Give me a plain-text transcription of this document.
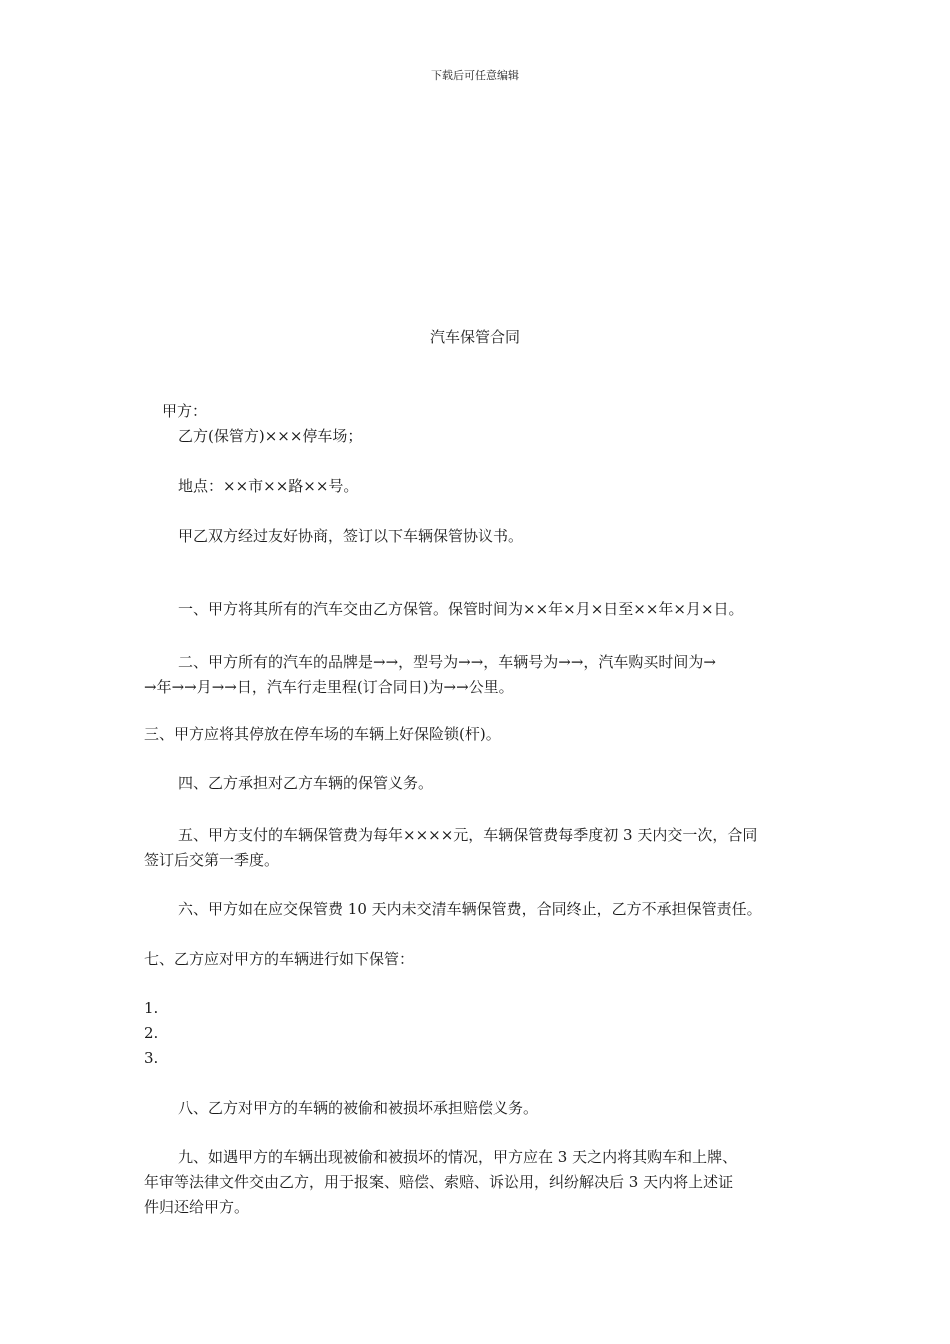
下载后可任意编辑
汽车保管合同
甲方：
乙方(保管方)×××停车场；
地点：××市××路××号。
甲乙双方经过友好协商，签订以下车辆保管协议书。
一、甲方将其所有的汽车交由乙方保管。保管时间为××年×月×日至××年×月×日。
二、甲方所有的汽车的品牌是→→，型号为→→，车辆号为→→，汽车购买时间为→
→年→→月→→日，汽车行走里程(订合同日)为→→公里。
三、甲方应将其停放在停车场的车辆上好保险锁(杆)。
四、乙方承担对乙方车辆的保管义务。
五、甲方支付的车辆保管费为每年××××元，车辆保管费每季度初 3 天内交一次，合同
签订后交第一季度。
六、甲方如在应交保管费 10 天内未交清车辆保管费，合同终止，乙方不承担保管责任。
七、乙方应对甲方的车辆进行如下保管：
1.
2.
3.
八、乙方对甲方的车辆的被偷和被损坏承担赔偿义务。
九、如遇甲方的车辆出现被偷和被损坏的情况，甲方应在 3 天之内将其购车和上牌、
年审等法律文件交由乙方，用于报案、赔偿、索赔、诉讼用，纠纷解决后 3 天内将上述证
件归还给甲方。
